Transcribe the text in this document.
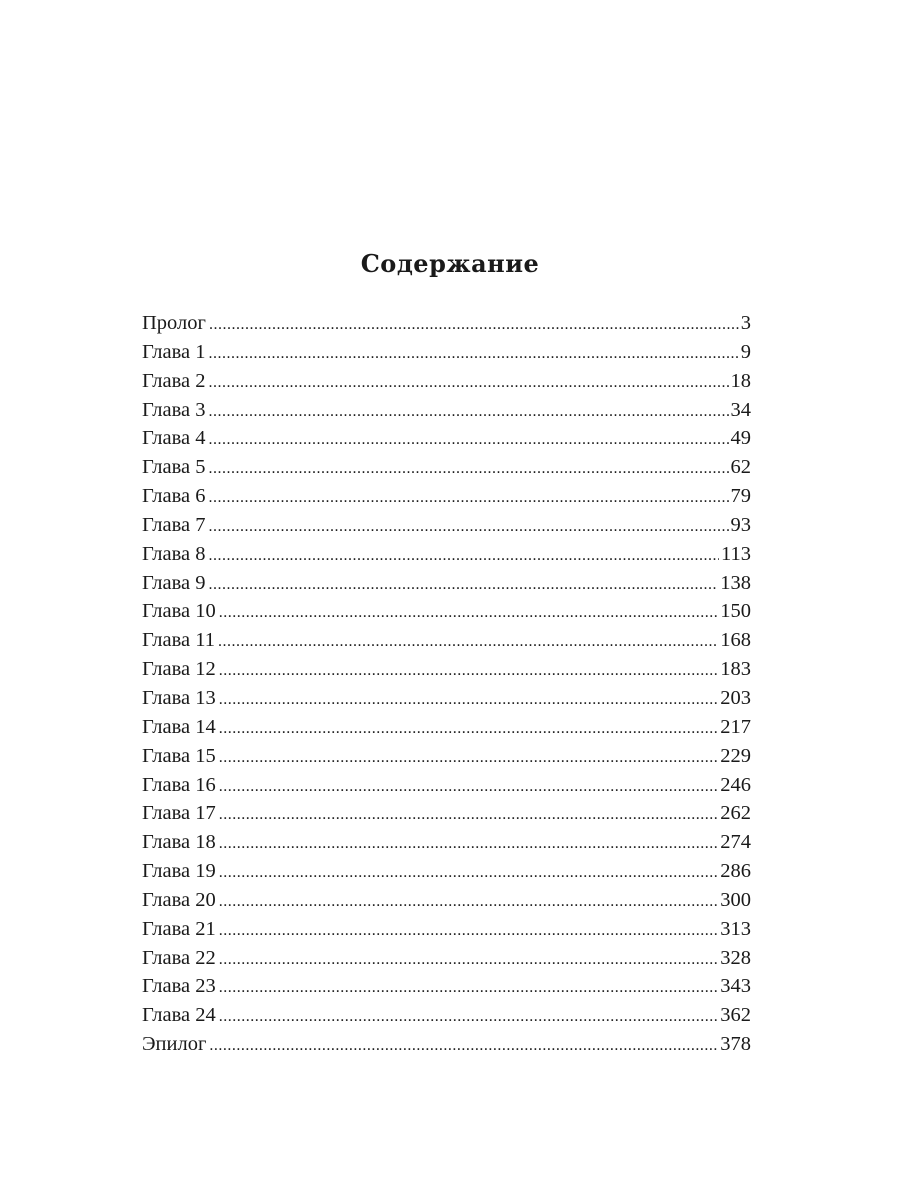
Содержание
Пролог .....	3
Глава 1 .....	9
Глава 2 .....	18
Глава 3 .....	34
Глава 4 .....	49
Глава 5 .....	62
Глава 6 .....	79
Глава 7 .....	93
Глава 8 .....	113
Глава 9 .....	138
Глава 10 .....	150
Глава 11 .....	168
Глава 12 .....	183
Глава 13 .....	203
Глава 14 .....	217
Глава 15 .....	229
Глава 16 .....	246
Глава 17 .....	262
Глава 18 .....	274
Глава 19 .....	286
Глава 20 .....	300
Глава 21 .....	313
Глава 22 .....	328
Глава 23 .....	343
Глава 24 .....	362
Эпилог .....	378
